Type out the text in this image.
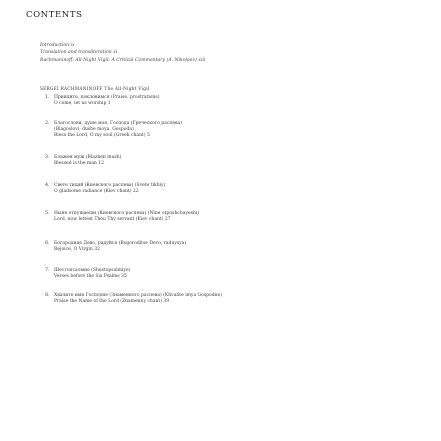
CONTENTS
Introduction ix
Translation and transliteration xi
Rachmaninoff: All-Night Vigil: A Critical Commentary (A. Nikolaev) xiii
SERGEI RACHMANINOFF The All-Night Vigil
1. Приидите, поклонимся (Praise, prostrations)
O come, let us worship 1
2. Благослови, душе моя, Господа (Греческого распева)
(Blagoslovi, dushe moya, Gospoda)
Bless the Lord, O my soul (Greek chant) 5
3. Блажен муж (Blazhen muzh)
Blessed is the man 12
4. Свете тихий (Киевского распева) (Svete tikhiy)
O gladsome radiance (Kiev chant) 22
5. Ныне отпущаеши (Киевского распева) (Nine otpushchayeshi)
Lord, now lettest Thou Thy servant (Kiev chant) 27
6. Богородице Дево, радуйся (Bogoroditse Devo, raduysya)
Rejoice, O Virgin 32
7. Шестопсалмие (Shestopsalmiye)
Verses before the Six Psalms 35
8. Хвалите имя Господне (Знаменного распева) (Khvalite imya Gospodne)
Praise the Name of the Lord (Znamenny chant) 39
